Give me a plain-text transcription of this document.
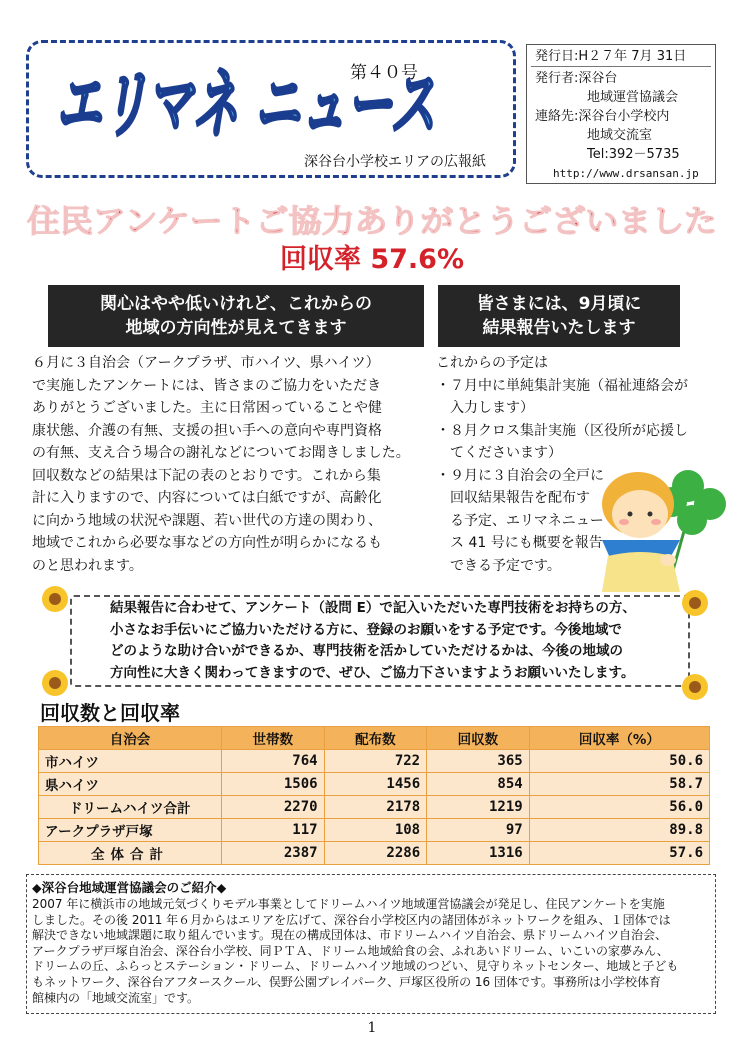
エリマネ ニュース
第４０号
深谷台小学校エリアの広報紙
発行日:H２７年 7月 31日
発行者:深谷台
地域運営協議会
連絡先:深谷台小学校内
地域交流室
Tel:392－5735
http://www.drsansan.jp
住民アンケートご協力ありがとうございました
回収率 57.6%
関心はやや低いけれど、これからの
地域の方向性が見えてきます
皆さまには、9月頃に
結果報告いたします
６月に３自治会（アークプラザ、市ハイツ、県ハイツ）
で実施したアンケートには、皆さまのご協力をいただき
ありがとうございました。主に日常困っていることや健
康状態、介護の有無、支援の担い手への意向や専門資格
の有無、支え合う場合の謝礼などについてお聞きしました。
回収数などの結果は下記の表のとおりです。これから集
計に入りますので、内容については白紙ですが、高齢化
に向かう地域の状況や課題、若い世代の方達の関わり、
地域でこれから必要な事などの方向性が明らかになるも
のと思われます。
これからの予定は
・７月中に単純集計実施（福祉連絡会が
　入力します）
・８月クロス集計実施（区役所が応援し
　てくださいます）
・９月に３自治会の全戸に
　回収結果報告を配布す
　る予定、エリマネニュー
　ス 41 号にも概要を報告
　できる予定です。
結果報告に合わせて、アンケート（設問 E）で記入いただいた専門技術をお持ちの方、
小さなお手伝いにご協力いただける方に、登録のお願いをする予定です。今後地域で
どのような助け合いができるか、専門技術を活かしていただけるかは、今後の地域の
方向性に大きく関わってきますので、ぜひ、ご協力下さいますようお願いいたします。
回収数と回収率
自治会	世帯数	配布数	回収数	回収率（%）
市ハイツ	764	722	365	50.6
県ハイツ	1506	1456	854	58.7
ドリームハイツ合計	2270	2178	1219	56.0
アークプラザ戸塚	117	108	97	89.8
全体合計	2387	2286	1316	57.6
◆深谷台地域運営協議会のご紹介◆
2007 年に横浜市の地域元気づくりモデル事業としてドリームハイツ地域運営協議会が発足し、住民アンケートを実施
しました。その後 2011 年６月からはエリアを広げて、深谷台小学校区内の諸団体がネットワークを組み、１団体では
解決できない地域課題に取り組んでいます。現在の構成団体は、市ドリームハイツ自治会、県ドリームハイツ自治会、
アークプラザ戸塚自治会、深谷台小学校、同ＰＴＡ、ドリーム地域給食の会、ふれあいドリーム、いこいの家夢みん、
ドリームの丘、ふらっとステーション・ドリーム、ドリームハイツ地域のつどい、見守りネットセンター、地域と子ども
もネットワーク、深谷台アフタースクール、俣野公園プレイパーク、戸塚区役所の 16 団体です。事務所は小学校体育
館棟内の「地域交流室」です。
1
